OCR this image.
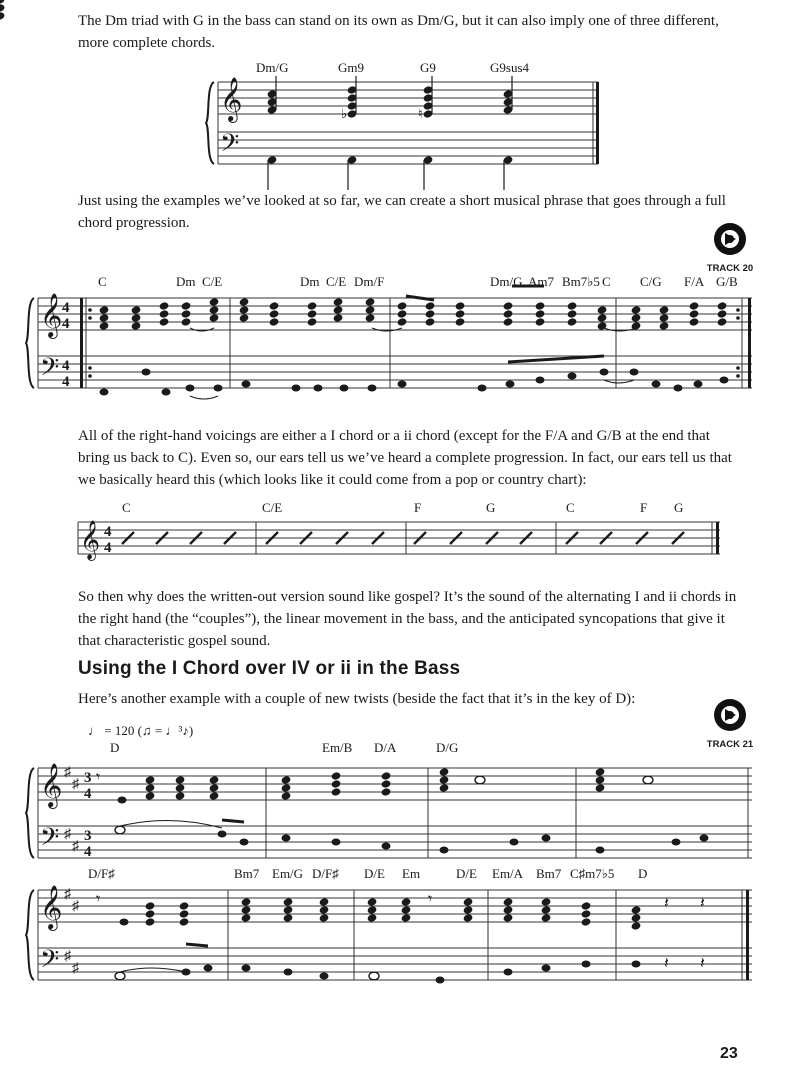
The Dm triad with G in the bass can stand on its own as Dm/G, but it can also imply one of three different, more complete chords.

𝄞
𝄢
♭	♮
Dm/G	Gm9	G9	G9sus4

Just using the examples we’ve looked at so far, we can create a short musical phrase that goes through a full chord progression.

TRACK 20
𝄞
𝄢
4
4
4
4
C	Dm C/E	Dm C/E Dm/F	Dm/G Am7 Bm7♭5 C C/G F/A G/B

All of the right-hand voicings are either a I chord or a ii chord (except for the F/A and G/B at the end that bring us back to C). Even so, our ears tell us we’ve heard a complete progression. In fact, our ears tell us that we basically heard this (which looks like it could come from a pop or country chart):

𝄞 4
4
C	C/E	F	G	C	F G

So then why does the written-out version sound like gospel? It’s the sound of the alternating I and ii chords in the right hand (the “couples”), the linear movement in the bass, and the anticipated syncopations that give it that characteristic gospel sound.

Using the I Chord over IV or ii in the Bass

Here’s another example with a couple of new twists (beside the fact that it’s in the key of D):

TRACK 21
♩ = 120 (♫ = ♩³♪)
𝄞
𝄢
♯
♯
♯
♯
3
4
3
4
𝄾
D	Em/B D/A	D/G
𝄞
𝄢
♯
♯
♯
♯
𝄾	𝄾	𝄽 𝄽
𝄽 𝄽
D/F♯	Bm7 Em/G D/F♯ D/E Em	D/E Em/A Bm7 C♯m7♭5 D
23
